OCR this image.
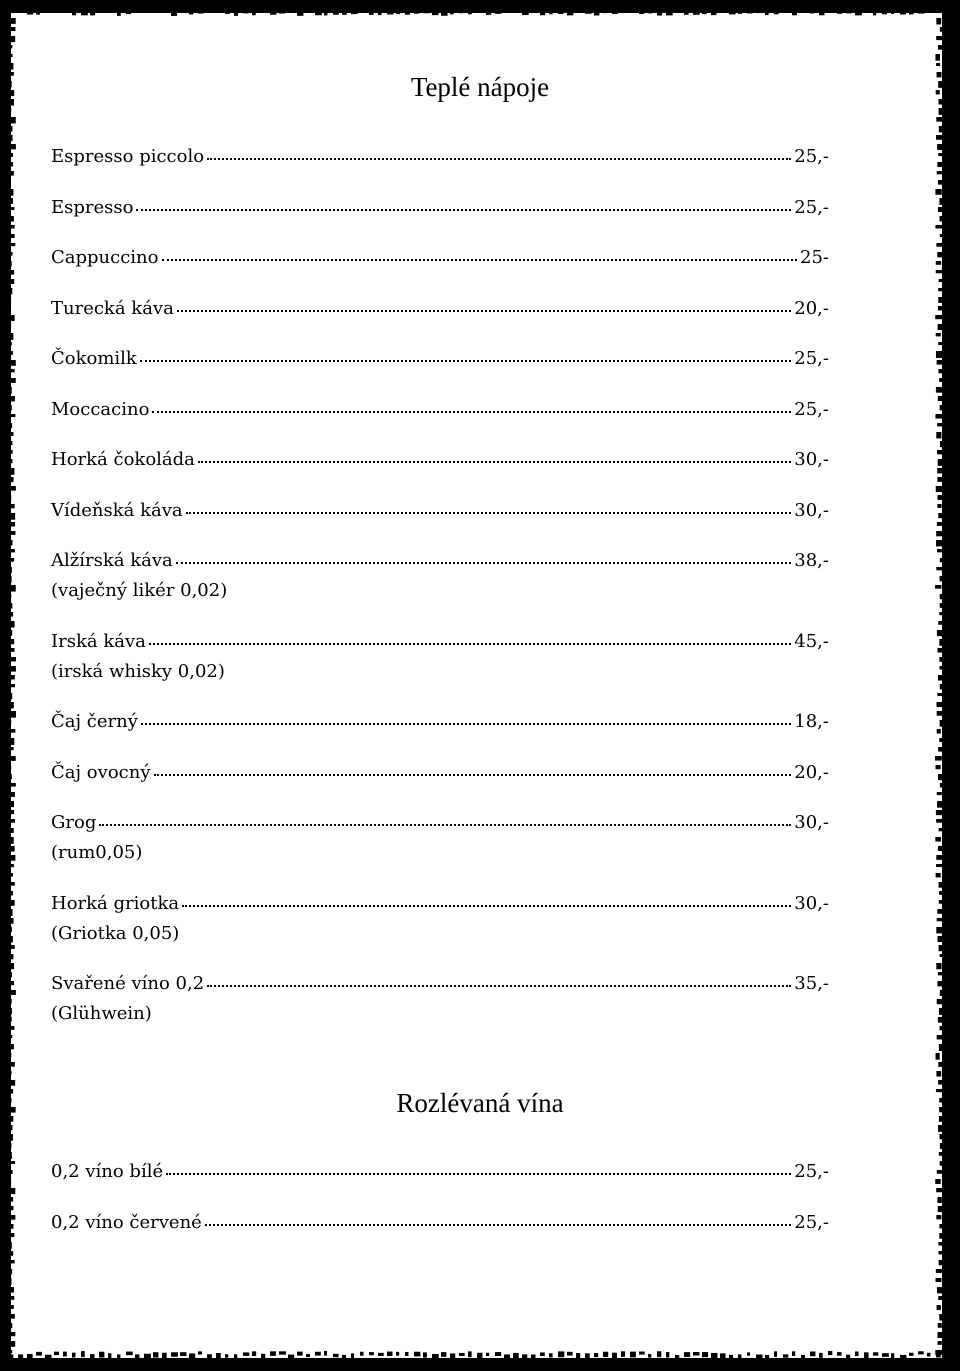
Teplé nápoje
Espresso piccolo	25,-
Espresso	25,-
Cappuccino	25-
Turecká káva	20,-
Čokomilk	25,-
Moccacino	25,-
Horká čokoláda	30,-
Vídeňská káva	30,-
Alžírská káva	38,-
(vaječný likér 0,02)
Irská káva	45,-
(irská whisky 0,02)
Čaj černý	18,-
Čaj ovocný	20,-
Grog	30,-
(rum0,05)
Horká griotka	30,-
(Griotka 0,05)
Svařené víno 0,2	35,-
(Glühwein)
Rozlévaná vína
0,2 víno bílé	25,-
0,2 víno červené	25,-
